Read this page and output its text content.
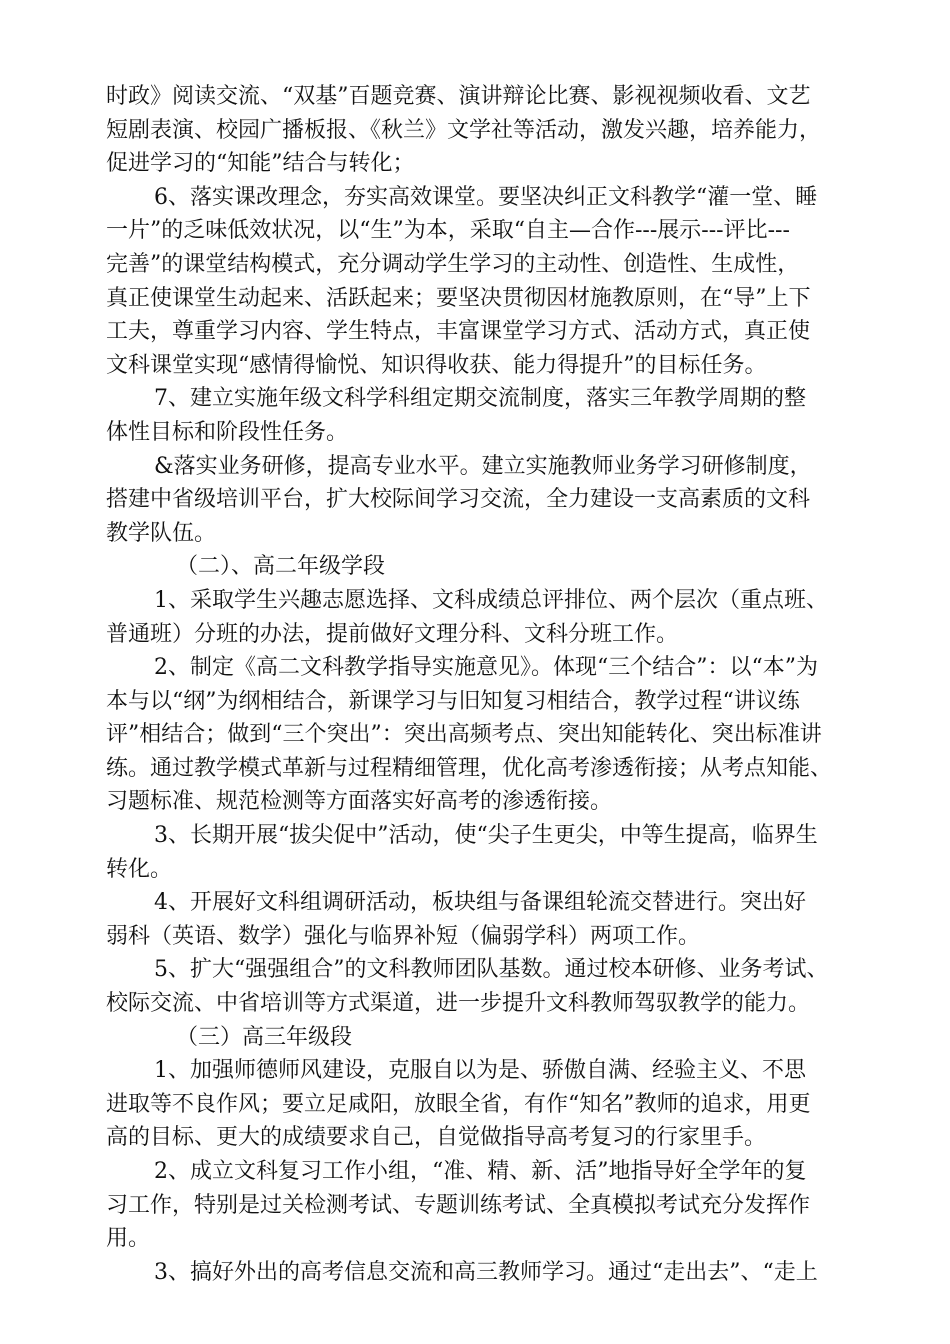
时政》阅读交流、“双基”百题竞赛、演讲辩论比赛、影视视频收看、文艺
短剧表演、校园广播板报、《秋兰》文学社等活动，激发兴趣，培养能力，
促进学习的“知能”结合与转化；
6、落实课改理念，夯实高效课堂。要坚决纠正文科教学“灌一堂、睡
一片”的乏味低效状况，以“生”为本，采取“自主—合作---展示---评比---
完善”的课堂结构模式，充分调动学生学习的主动性、创造性、生成性，
真正使课堂生动起来、活跃起来；要坚决贯彻因材施教原则，在“导”上下
工夫，尊重学习内容、学生特点，丰富课堂学习方式、活动方式，真正使
文科课堂实现“感情得愉悦、知识得收获、能力得提升”的目标任务。
7、建立实施年级文科学科组定期交流制度，落实三年教学周期的整
体性目标和阶段性任务。
&落实业务研修，提高专业水平。建立实施教师业务学习研修制度，
搭建中省级培训平台，扩大校际间学习交流，全力建设一支高素质的文科
教学队伍。
（二）、高二年级学段
1、采取学生兴趣志愿选择、文科成绩总评排位、两个层次（重点班、
普通班）分班的办法，提前做好文理分科、文科分班工作。
2、制定《高二文科教学指导实施意见》。体现“三个结合”：以“本”为
本与以“纲”为纲相结合，新课学习与旧知复习相结合，教学过程“讲议练
评”相结合；做到“三个突出”：突出高频考点、突出知能转化、突出标准讲
练。通过教学模式革新与过程精细管理，优化高考渗透衔接；从考点知能、
习题标准、规范检测等方面落实好高考的渗透衔接。
3、长期开展“拔尖促中”活动，使“尖子生更尖，中等生提高，临界生
转化。
4、开展好文科组调研活动，板块组与备课组轮流交替进行。突出好
弱科（英语、数学）强化与临界补短（偏弱学科）两项工作。
5、扩大“强强组合”的文科教师团队基数。通过校本研修、业务考试、
校际交流、中省培训等方式渠道，进一步提升文科教师驾驭教学的能力。
（三）高三年级段
1、加强师德师风建设，克服自以为是、骄傲自满、经验主义、不思
进取等不良作风；要立足咸阳，放眼全省，有作“知名”教师的追求，用更
高的目标、更大的成绩要求自己，自觉做指导高考复习的行家里手。
2、成立文科复习工作小组，“准、精、新、活”地指导好全学年的复
习工作，特别是过关检测考试、专题训练考试、全真模拟考试充分发挥作
用。
3、搞好外出的高考信息交流和高三教师学习。通过“走出去”、“走上
